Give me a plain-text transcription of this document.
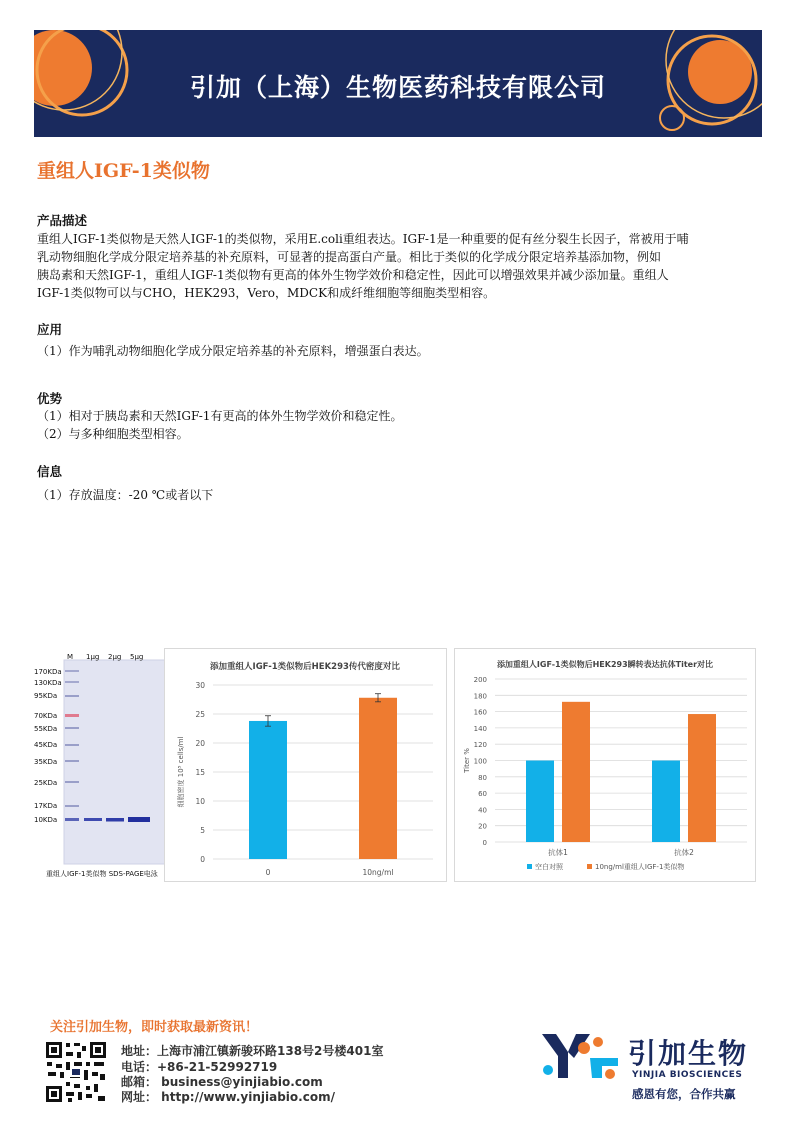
引加（上海）生物医药科技有限公司
重组人IGF-1类似物
产品描述

重组人IGF-1类似物是天然人IGF-1的类似物，采用E.coli重组表达。IGF-1是一种重要的促有丝分裂生长因子，常被用于哺
乳动物细胞化学成分限定培养基的补充原料，可显著的提高蛋白产量。相比于类似的化学成分限定培养基添加物，例如
胰岛素和天然IGF-1，重组人IGF-1类似物有更高的体外生物学效价和稳定性，因此可以增强效果并减少添加量。重组人
IGF-1类似物可以与CHO，HEK293，Vero，MDCK和成纤维细胞等细胞类型相容。

应用
（1）作为哺乳动物细胞化学成分限定培养基的补充原料，增强蛋白表达。
优势
（1）相对于胰岛素和天然IGF-1有更高的体外生物学效价和稳定性。
（2）与多种细胞类型相容。
信息
（1）存放温度：-20 ℃或者以下
M 1μg 2μg 5μg
170KDa
130KDa
95KDa
70KDa
55KDa
45KDa
35KDa
25KDa
17KDa
10KDa
重组人IGF-1类似物 SDS-PAGE电泳
添加重组人IGF-1类似物后HEK293传代密度对比
0
5
10
15
20
25
30
细胞密度 10⁵ cells/ml
0	10ng/ml
添加重组人IGF-1类似物后HEK293瞬转表达抗体Titer对比
0
20
40
60
80
100
120
140
160
180
200
Titer %
抗体1	抗体2
空白对照	10ng/ml重组人IGF-1类似物
关注引加生物，即时获取最新资讯！
地址：上海市浦江镇新骏环路138号2号楼401室
电话：+86-21-52992719
邮箱： business@yinjiabio.com
网址： http://www.yinjiabio.com/
引加生物
YINJIA BIOSCIENCES
感恩有您，合作共赢
